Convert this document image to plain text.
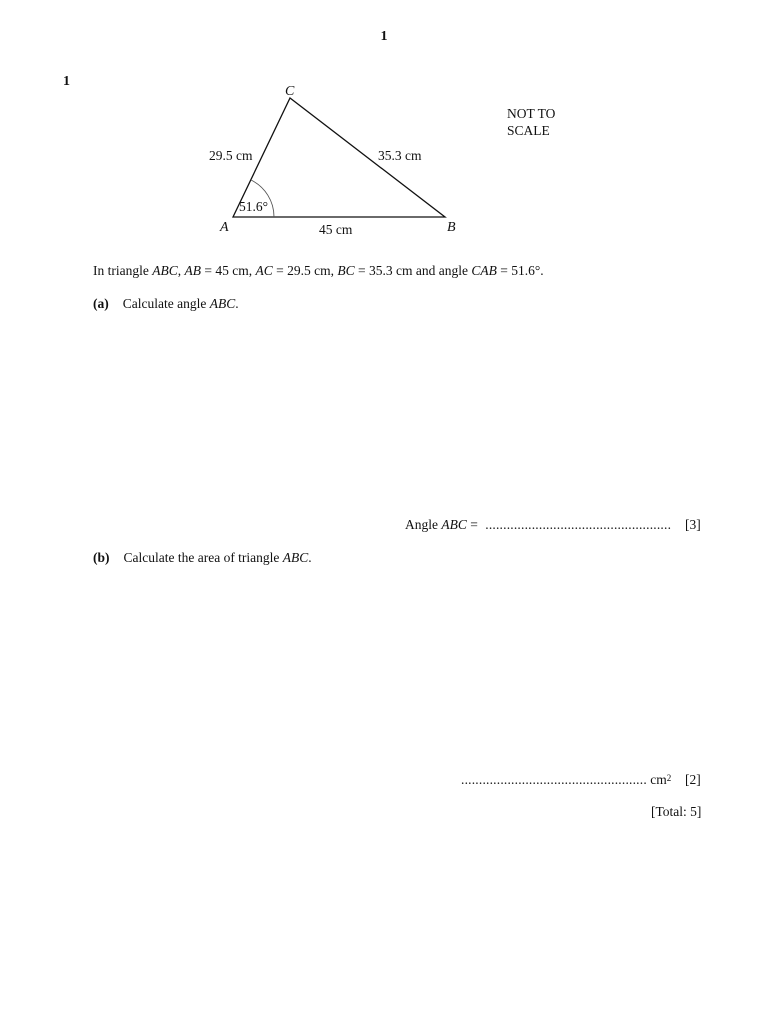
1
1
C
A	B
29.5 cm	35.3 cm
45 cm
51.6°
NOT TO
SCALE
In triangle ABC, AB = 45 cm, AC = 29.5 cm, BC = 35.3 cm and angle CAB = 51.6°.
(a) Calculate angle ABC.
Angle ABC = .................................................... [3]
(b) Calculate the area of triangle ABC.
.................................................... $cm^2$ [2]
[Total: 5]
